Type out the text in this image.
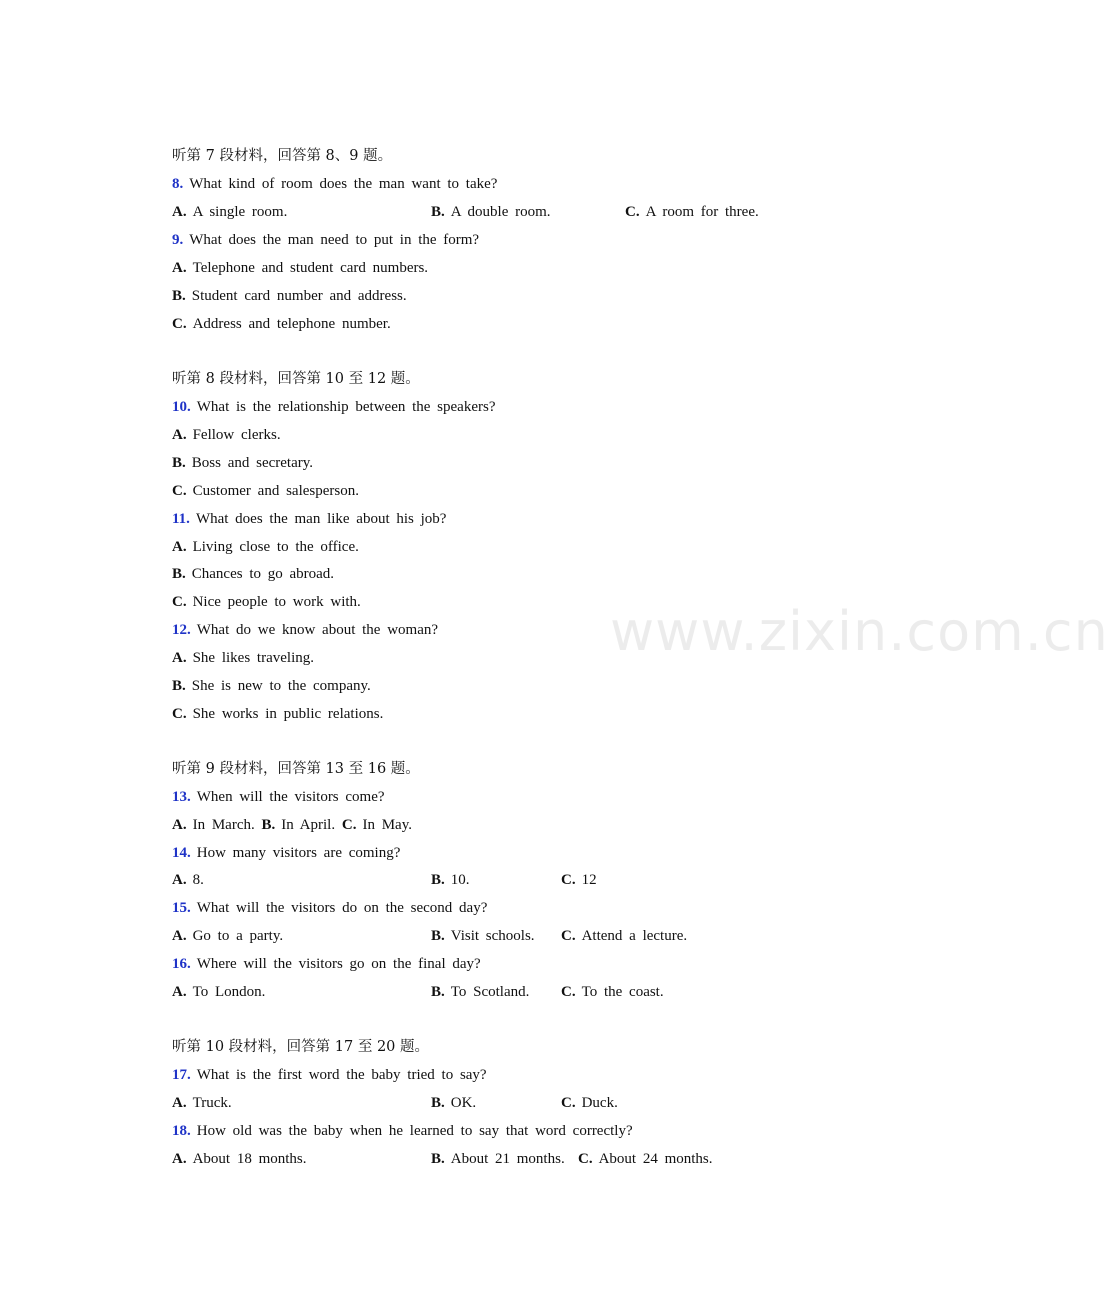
www.zixin.com.cn
听第 7 段材料，回答第 8、9 题。
8. What kind of room does the man want to take?
A. A single room.	B. A double room.	C. A room for three.
9. What does the man need to put in the form?
A. Telephone and student card numbers.
B. Student card number and address.
C. Address and telephone number.
听第 8 段材料，回答第 10 至 12 题。
10. What is the relationship between the speakers?
A. Fellow clerks.
B. Boss and secretary.
C. Customer and salesperson.
11. What does the man like about his job?
A. Living close to the office.
B. Chances to go abroad.
C. Nice people to work with.
12. What do we know about the woman?
A. She likes traveling.
B. She is new to the company.
C. She works in public relations.
听第 9 段材料，回答第 13 至 16 题。
13. When will the visitors come?
A. In March. B. In April. C. In May.
14. How many visitors are coming?
A. 8.	B. 10.	C. 12
15. What will the visitors do on the second day?
A. Go to a party.	B. Visit schools. C. Attend a lecture.
16. Where will the visitors go on the final day?
A. To London.	B. To Scotland. C. To the coast.
听第 10 段材料，回答第 17 至 20 题。
17. What is the first word the baby tried to say?
A. Truck.	B. OK.	C. Duck.
18. How old was the baby when he learned to say that word correctly?
A. About 18 months.	B. About 21 months. C. About 24 months.
